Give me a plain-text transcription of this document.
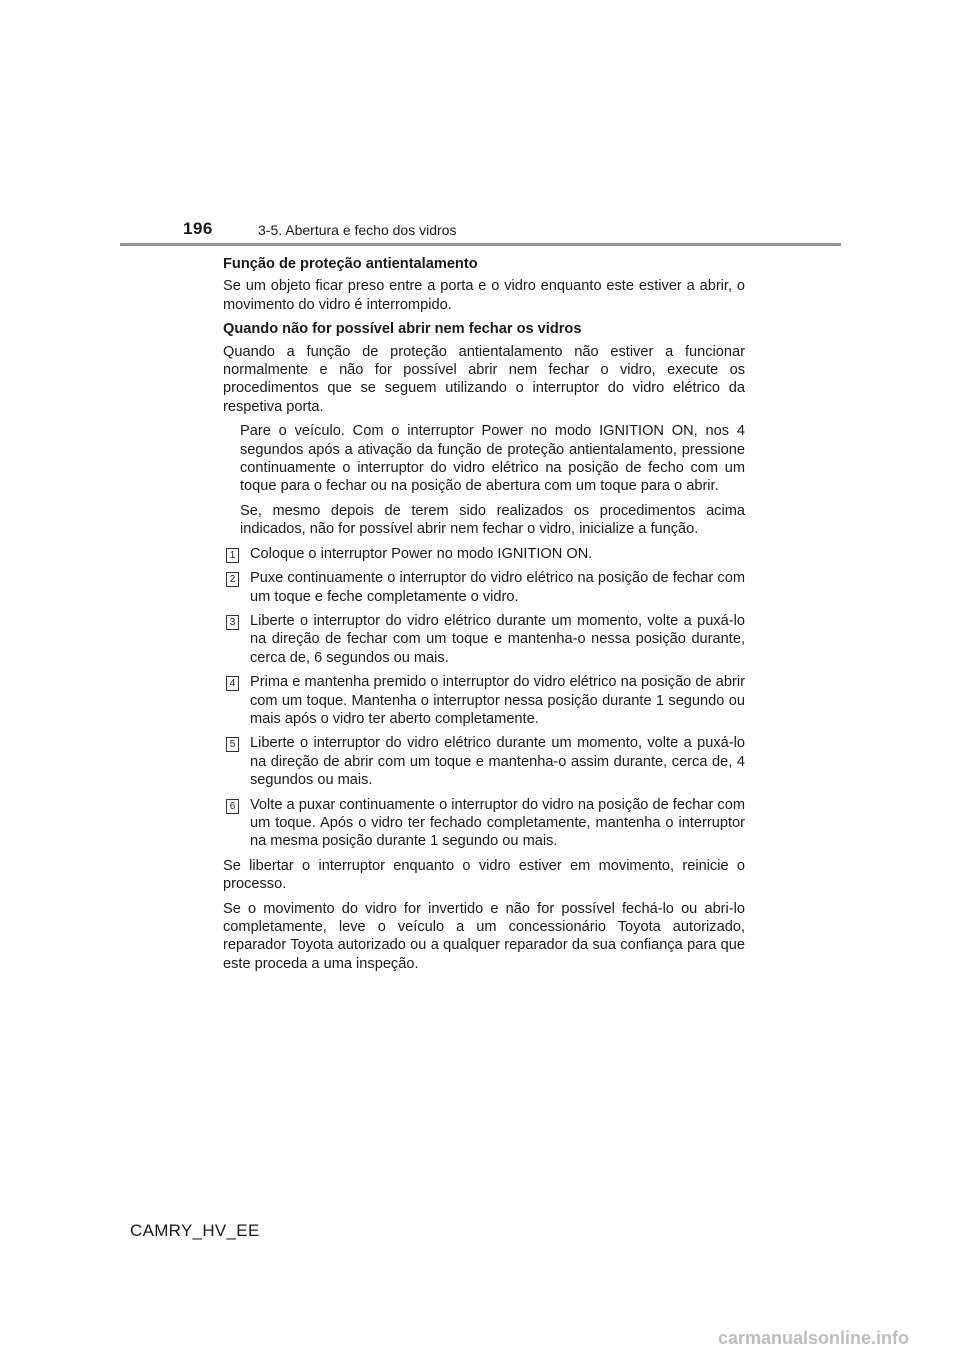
196	3-5. Abertura e fecho dos vidros

Função de proteção antientalamento

Se um objeto ficar preso entre a porta e o vidro enquanto este estiver a abrir, o movimento do vidro é interrompido.

Quando não for possível abrir nem fechar os vidros

Quando a função de proteção antientalamento não estiver a funcionar normalmente e não for possível abrir nem fechar o vidro, execute os procedimentos que se seguem utilizando o interruptor do vidro elétrico da respetiva porta.

Pare o veículo. Com o interruptor Power no modo IGNITION ON, nos 4 segundos após a ativação da função de proteção antientalamento, pressione continuamente o interruptor do vidro elétrico na posição de fecho com um toque para o fechar ou na posição de abertura com um toque para o abrir.

Se, mesmo depois de terem sido realizados os procedimentos acima indicados, não for possível abrir nem fechar o vidro, inicialize a função.

1 Coloque o interruptor Power no modo IGNITION ON.
2 Puxe continuamente o interruptor do vidro elétrico na posição de fechar com um toque e feche completamente o vidro.
3 Liberte o interruptor do vidro elétrico durante um momento, volte a puxá-lo na direção de fechar com um toque e mantenha-o nessa posição durante, cerca de, 6 segundos ou mais.
4 Prima e mantenha premido o interruptor do vidro elétrico na posição de abrir com um toque. Mantenha o interruptor nessa posição durante 1 segundo ou mais após o vidro ter aberto completamente.
5 Liberte o interruptor do vidro elétrico durante um momento, volte a puxá-lo na direção de abrir com um toque e mantenha-o assim durante, cerca de, 4 segundos ou mais.
6 Volte a puxar continuamente o interruptor do vidro na posição de fechar com um toque. Após o vidro ter fechado completamente, mantenha o interruptor na mesma posição durante 1 segundo ou mais.

Se libertar o interruptor enquanto o vidro estiver em movimento, reinicie o processo.

Se o movimento do vidro for invertido e não for possível fechá-lo ou abri-lo completamente, leve o veículo a um concessionário Toyota autorizado, reparador Toyota autorizado ou a qualquer reparador da sua confiança para que este proceda a uma inspeção.

CAMRY_HV_EE
carmanualsonline.info
